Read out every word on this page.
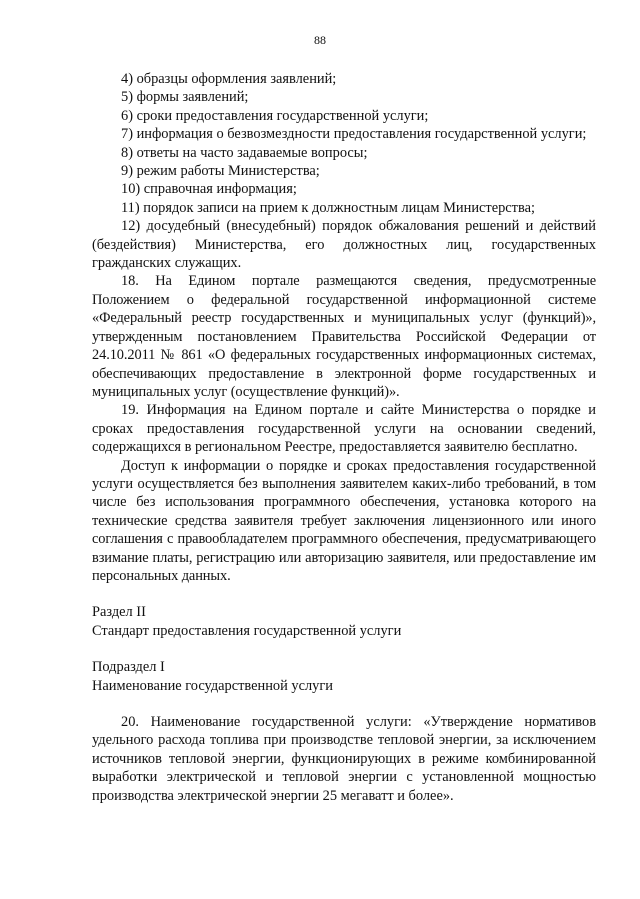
88

4) образцы оформления заявлений;

5) формы заявлений;

6) сроки предоставления государственной услуги;

7) информация о безвозмездности предоставления государственной услуги;

8) ответы на часто задаваемые вопросы;

9) режим работы Министерства;

10) справочная информация;

11) порядок записи на прием к должностным лицам Министерства;

12) досудебный (внесудебный) порядок обжалования решений и действий (бездействия) Министерства, его должностных лиц, государственных гражданских служащих.

18. На Едином портале размещаются сведения, предусмотренные Положением о федеральной государственной информационной системе «Федеральный реестр государственных и муниципальных услуг (функций)», утвержденным постановлением Правительства Российской Федерации от 24.10.2011 № 861 «О федеральных государственных информационных системах, обеспечивающих предоставление в электронной форме государственных и муниципальных услуг (осуществление функций)».

19. Информация на Едином портале и сайте Министерства о порядке и сроках предоставления государственной услуги на основании сведений, содержащихся в региональном Реестре, предоставляется заявителю бесплатно.

Доступ к информации о порядке и сроках предоставления государственной услуги осуществляется без выполнения заявителем каких-либо требований, в том числе без использования программного обеспечения, установка которого на технические средства заявителя требует заключения лицензионного или иного соглашения с правообладателем программного обеспечения, предусматривающего взимание платы, регистрацию или авторизацию заявителя, или предоставление им персональных данных.

Раздел II

Стандарт предоставления государственной услуги

Подраздел I

Наименование государственной услуги

20. Наименование государственной услуги: «Утверждение нормативов удельного расхода топлива при производстве тепловой энергии, за исключением источников тепловой энергии, функционирующих в режиме комбинированной выработки электрической и тепловой энергии с установленной мощностью производства электрической энергии 25 мегаватт и более».
